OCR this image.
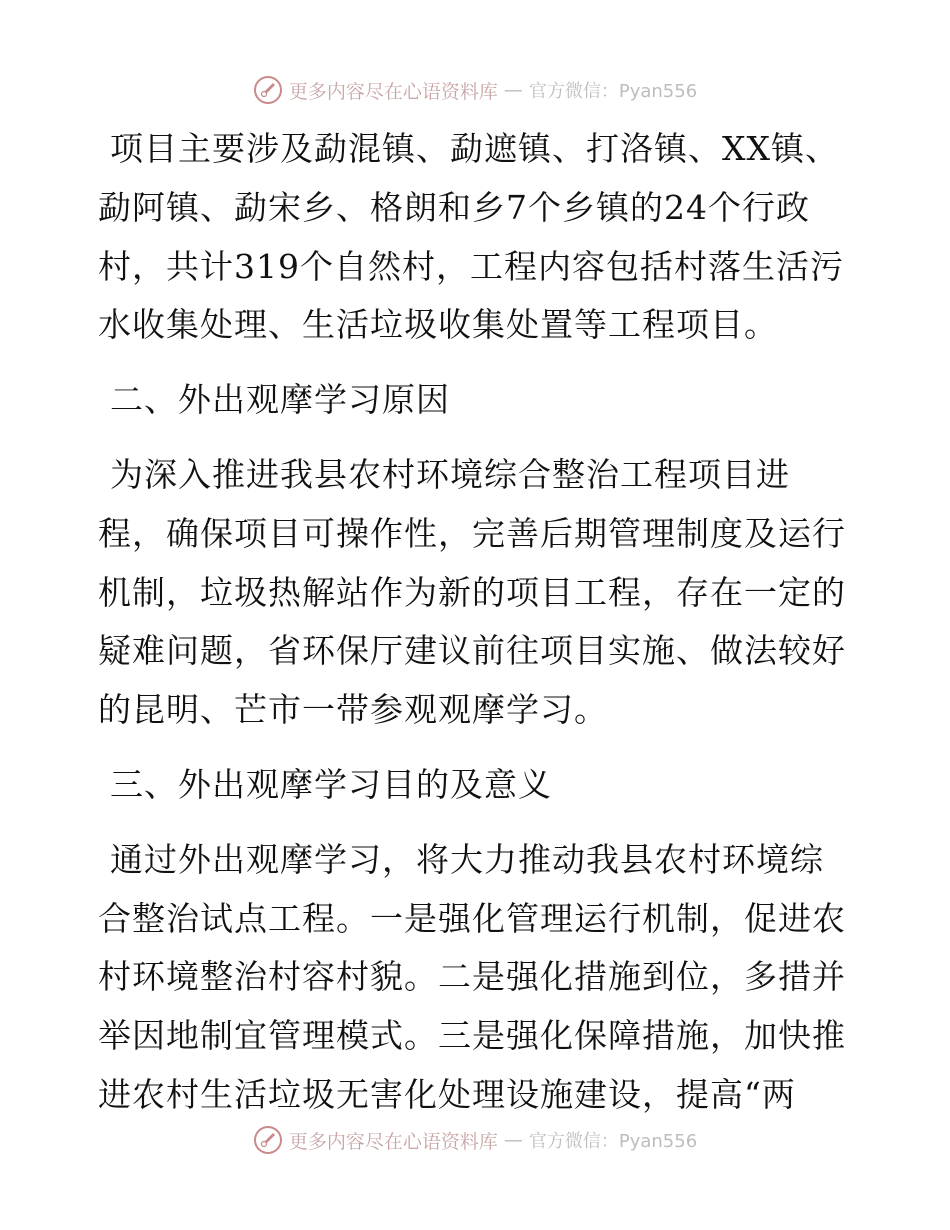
更多内容尽在心语资料库 — 官方微信：Pyan556
项目主要涉及勐混镇、勐遮镇、打洛镇、XX镇、
勐阿镇、勐宋乡、格朗和乡7个乡镇的24个行政
村，共计319个自然村，工程内容包括村落生活污
水收集处理、生活垃圾收集处置等工程项目。
二、外出观摩学习原因
为深入推进我县农村环境综合整治工程项目进
程，确保项目可操作性，完善后期管理制度及运行
机制，垃圾热解站作为新的项目工程，存在一定的
疑难问题，省环保厅建议前往项目实施、做法较好
的昆明、芒市一带参观观摩学习。
三、外出观摩学习目的及意义
通过外出观摩学习，将大力推动我县农村环境综
合整治试点工程。一是强化管理运行机制，促进农
村环境整治村容村貌。二是强化措施到位，多措并
举因地制宜管理模式。三是强化保障措施，加快推
进农村生活垃圾无害化处理设施建设，提高“两
更多内容尽在心语资料库 — 官方微信：Pyan556
